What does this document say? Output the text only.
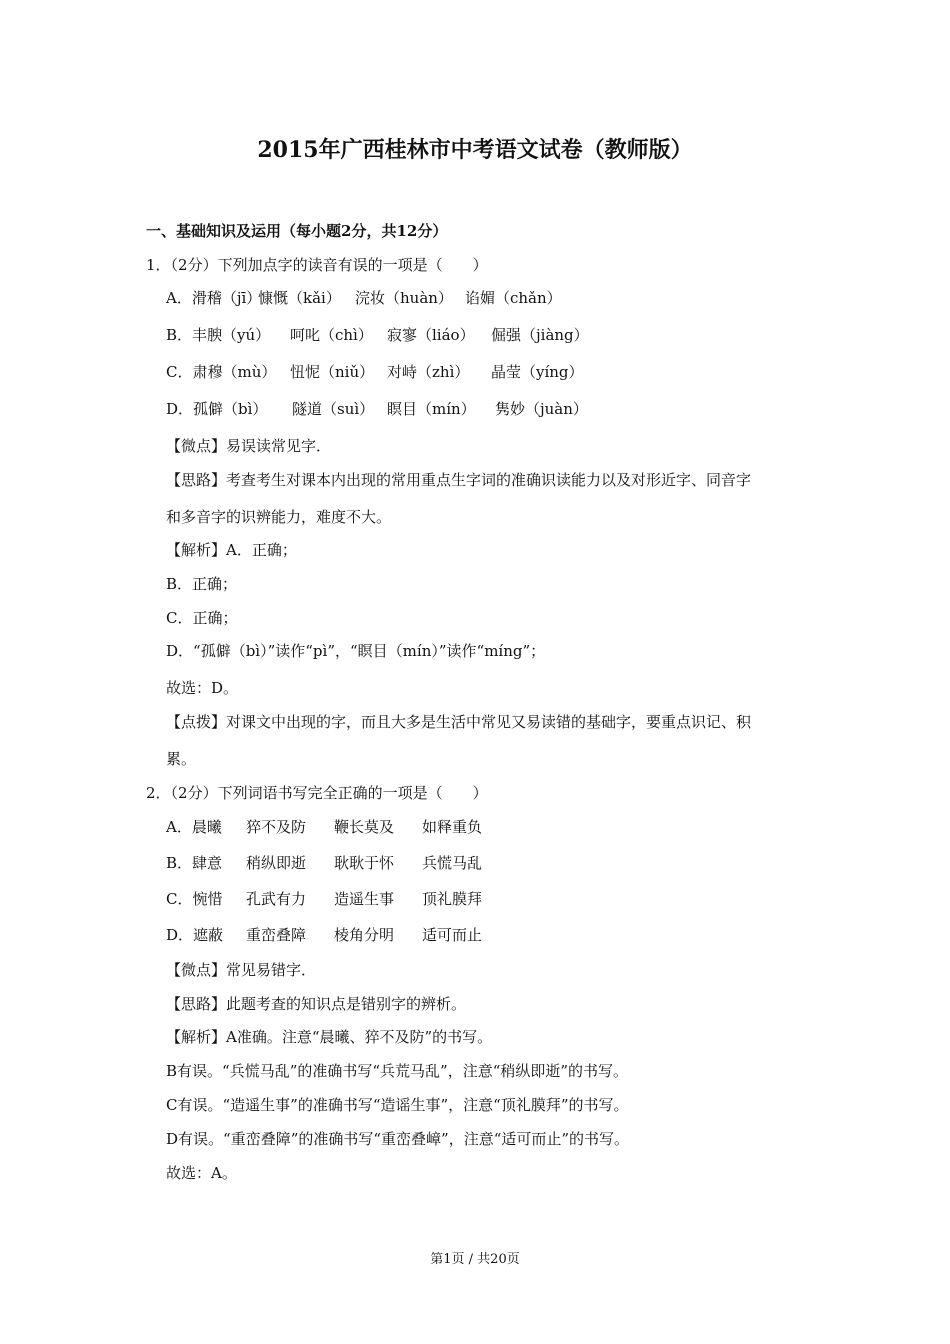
2015年广西桂林市中考语文试卷（教师版）
一、基础知识及运用（每小题2分，共12分）
1．（2分）下列加点字的读音有误的一项是（　　）
A．滑稽（jī）慷慨（kǎi） 浣妆（huàn） 谄媚（chǎn）
B．丰腴（yú） 呵叱（chì） 寂寥（liáo） 倔强（jiàng）
C．肃穆（mù） 忸怩（niǔ） 对峙（zhì） 晶莹（yíng）
D．孤僻（bì） 隧道（suì） 瞑目（mín） 隽妙（juàn）
【微点】易误读常见字．
【思路】考查考生对课本内出现的常用重点生字词的准确识读能力以及对形近字、同音字
和多音字的识辨能力，难度不大。
【解析】A．正确；
B．正确；
C．正确；
D．“孤僻（bì）”读作“pì”，“瞑目（mín）”读作“míng”；
故选：D。
【点拨】对课文中出现的字，而且大多是生活中常见又易读错的基础字，要重点识记、积
累。
2．（2分）下列词语书写完全正确的一项是（　　）
A．晨曦 猝不及防 鞭长莫及 如释重负
B．肆意 稍纵即逝 耿耿于怀 兵慌马乱
C．惋惜 孔武有力 造遥生事 顶礼膜拜
D．遮蔽 重峦叠障 棱角分明 适可而止
【微点】常见易错字．
【思路】此题考查的知识点是错别字的辨析。
【解析】A准确。注意“晨曦、猝不及防”的书写。
B有误。“兵慌马乱”的准确书写“兵荒马乱”，注意“稍纵即逝”的书写。
C有误。“造遥生事”的准确书写“造谣生事”，注意“顶礼膜拜”的书写。
D有误。“重峦叠障”的准确书写“重峦叠嶂”，注意“适可而止”的书写。
故选：A。
第1页 / 共20页
